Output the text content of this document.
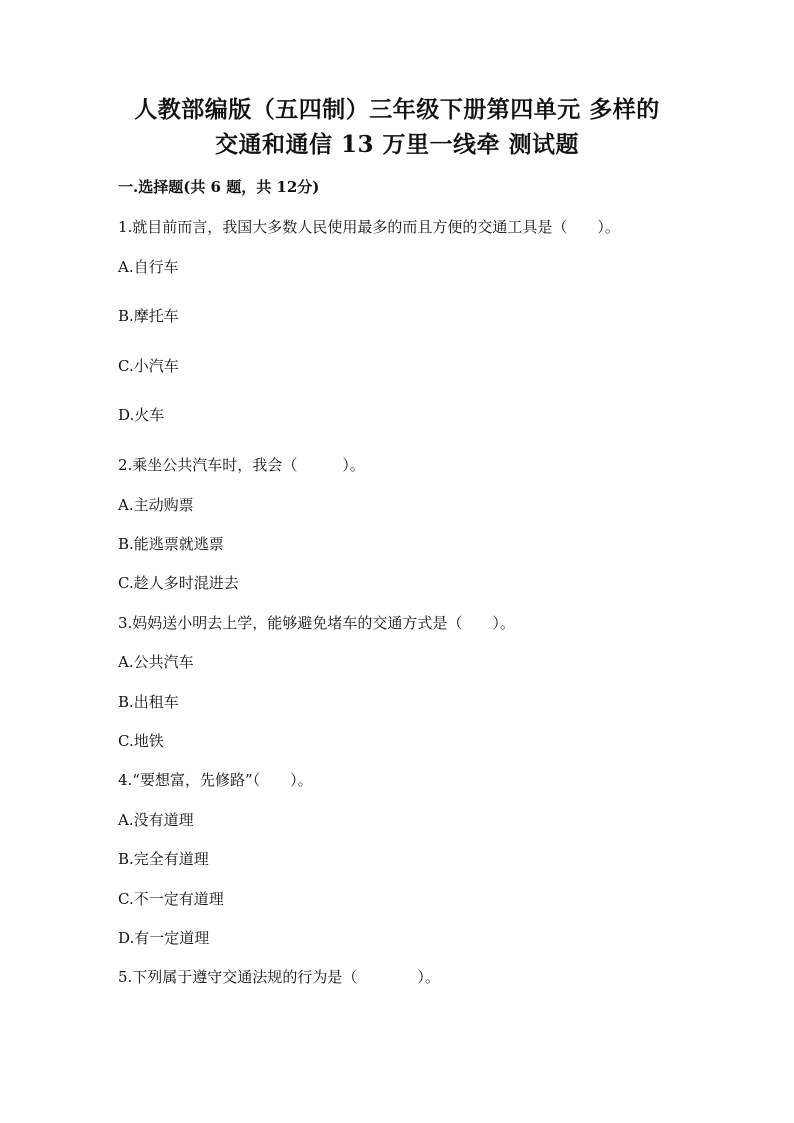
人教部编版（五四制）三年级下册第四单元 多样的
交通和通信 13 万里一线牵 测试题
一.选择题(共 6 题，共 12分)
1.就目前而言，我国大多数人民使用最多的而且方便的交通工具是（　　）。
A.自行车
B.摩托车
C.小汽车
D.火车
2.乘坐公共汽车时，我会（　　　）。
A.主动购票
B.能逃票就逃票
C.趁人多时混进去
3.妈妈送小明去上学，能够避免堵车的交通方式是（　　）。
A.公共汽车
B.出租车
C.地铁
4.“要想富，先修路”（　　）。
A.没有道理
B.完全有道理
C.不一定有道理
D.有一定道理
5.下列属于遵守交通法规的行为是（　　　　）。
